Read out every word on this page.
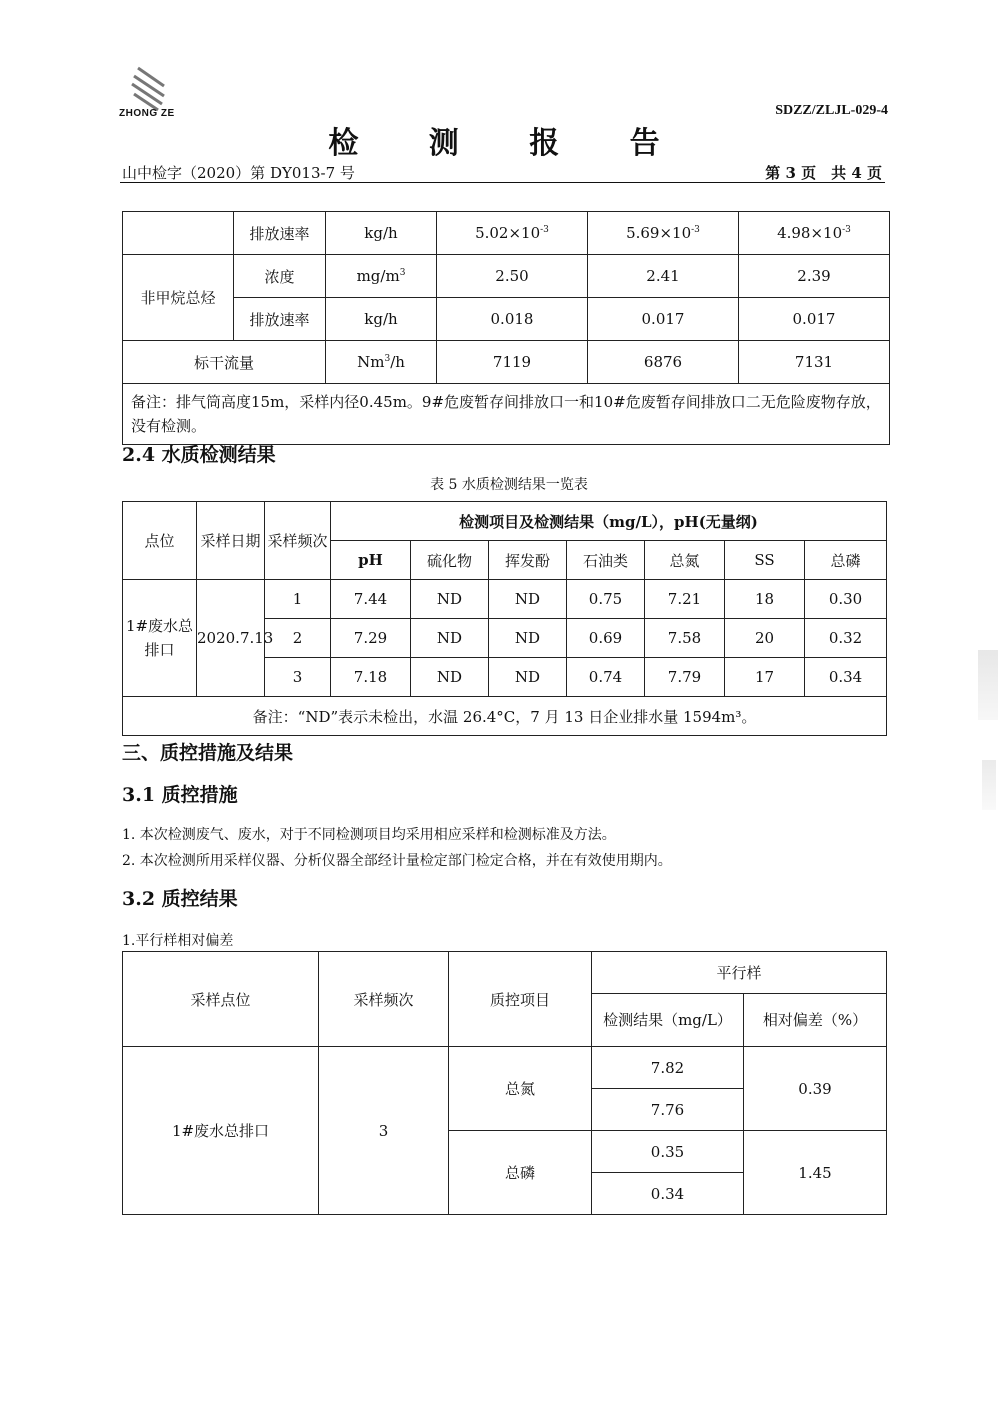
ZHONG ZE	SDZZ/ZLJL-029-4
检 测 报 告
山中检字（2020）第 DY013-7 号	第 3 页　共 4 页
	排放速率	kg/h	$5.02\times 10^{-3}$	$5.69\times 10^{-3}$	$4.98\times 10^{-3}$
非甲烷总烃	浓度	$mg/m^3$	2.50	2.41	2.39
	排放速率	kg/h	0.018	0.017	0.017
标干流量		Nm$^3$/h	7119	6876	7131
备注：排气筒高度15m，采样内径0.45m。9#危废暂存间排放口一和10#危废暂存间排放口二无危险废物存放，没有检测。					
2.4 水质检测结果
表 5 水质检测结果一览表
点位	采样日期	采样频次	检测项目及检测结果（mg/L），pH(无量纲)						
			pH	硫化物	挥发酚	石油类	总氮	SS	总磷
1#废水总排口	2020.7.13	1	7.44	ND	ND	0.75	7.21	18	0.30
		2	7.29	ND	ND	0.69	7.58	20	0.32
		3	7.18	ND	ND	0.74	7.79	17	0.34
备注：“ND”表示未检出，水温 26.4°C，7 月 13 日企业排水量 1594m³。									
三、质控措施及结果
3.1 质控措施
1. 本次检测废气、废水，对于不同检测项目均采用相应采样和检测标准及方法。
2. 本次检测所用采样仪器、分析仪器全部经计量检定部门检定合格，并在有效使用期内。
3.2 质控结果
1.平行样相对偏差
采样点位	采样频次	质控项目	平行样	
			检测结果（mg/L）	相对偏差（%）
1#废水总排口	3	总氮	7.82	0.39
			7.76	
		总磷	0.35	1.45
			0.34	
